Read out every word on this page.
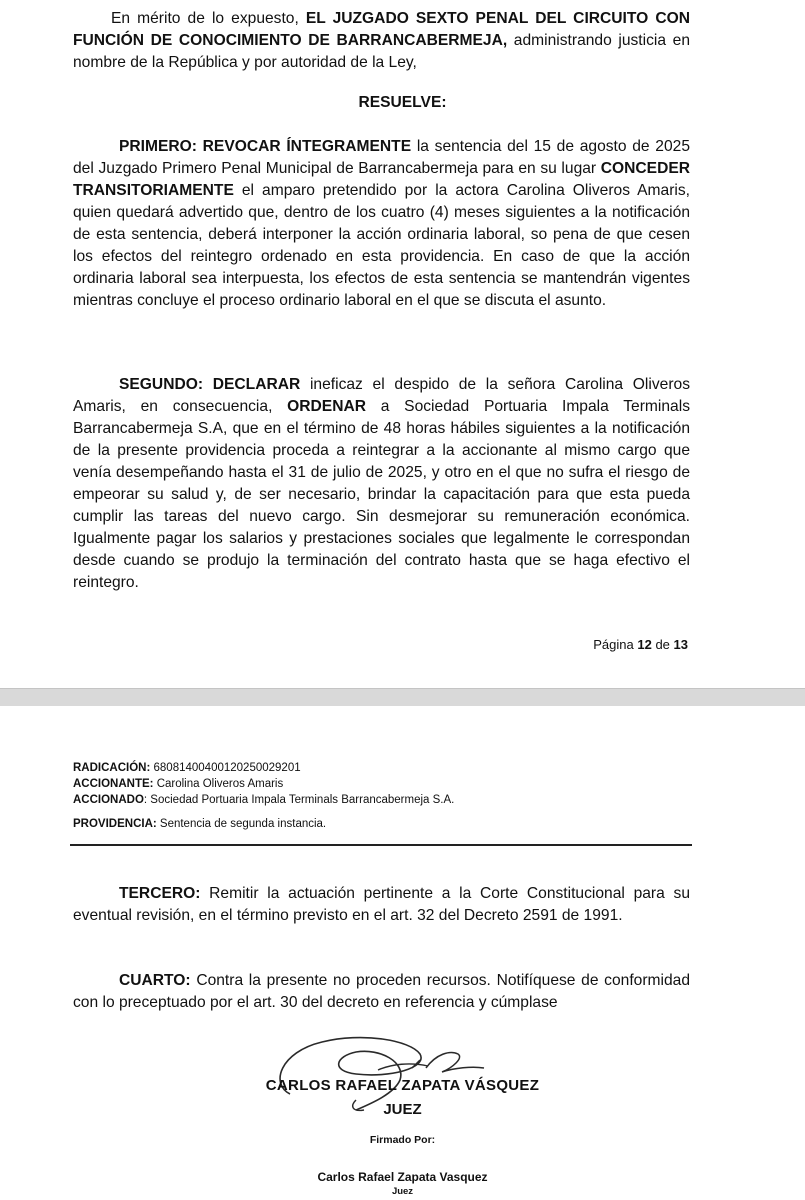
En mérito de lo expuesto, EL JUZGADO SEXTO PENAL DEL CIRCUITO CON FUNCIÓN DE CONOCIMIENTO DE BARRANCABERMEJA, administrando justicia en nombre de la República y por autoridad de la Ley,

RESUELVE:

PRIMERO: REVOCAR ÍNTEGRAMENTE la sentencia del 15 de agosto de 2025 del Juzgado Primero Penal Municipal de Barrancabermeja para en su lugar CONCEDER TRANSITORIAMENTE el amparo pretendido por la actora Carolina Oliveros Amaris, quien quedará advertido que, dentro de los cuatro (4) meses siguientes a la notificación de esta sentencia, deberá interponer la acción ordinaria laboral, so pena de que cesen los efectos del reintegro ordenado en esta providencia. En caso de que la acción ordinaria laboral sea interpuesta, los efectos de esta sentencia se mantendrán vigentes mientras concluye el proceso ordinario laboral en el que se discuta el asunto.

SEGUNDO: DECLARAR ineficaz el despido de la señora Carolina Oliveros Amaris, en consecuencia, ORDENAR a Sociedad Portuaria Impala Terminals Barrancabermeja S.A, que en el término de 48 horas hábiles siguientes a la notificación de la presente providencia proceda a reintegrar a la accionante al mismo cargo que venía desempeñando hasta el 31 de julio de 2025, y otro en el que no sufra el riesgo de empeorar su salud y, de ser necesario, brindar la capacitación para que esta pueda cumplir las tareas del nuevo cargo. Sin desmejorar su remuneración económica. Igualmente pagar los salarios y prestaciones sociales que legalmente le correspondan desde cuando se produjo la terminación del contrato hasta que se haga efectivo el reintegro.

Página 12 de 13
RADICACIÓN: 68081400400120250029201
ACCIONANTE: Carolina Oliveros Amaris
ACCIONADO: Sociedad Portuaria Impala Terminals Barrancabermeja S.A.
PROVIDENCIA: Sentencia de segunda instancia.

TERCERO: Remitir la actuación pertinente a la Corte Constitucional para su eventual revisión, en el término previsto en el art. 32 del Decreto 2591 de 1991.

CUARTO: Contra la presente no proceden recursos. Notifíquese de conformidad con lo preceptuado por el art. 30 del decreto en referencia y cúmplase

CARLOS RAFAEL ZAPATA VÁSQUEZ
JUEZ
Firmado Por:
Carlos Rafael Zapata Vasquez
Juez
